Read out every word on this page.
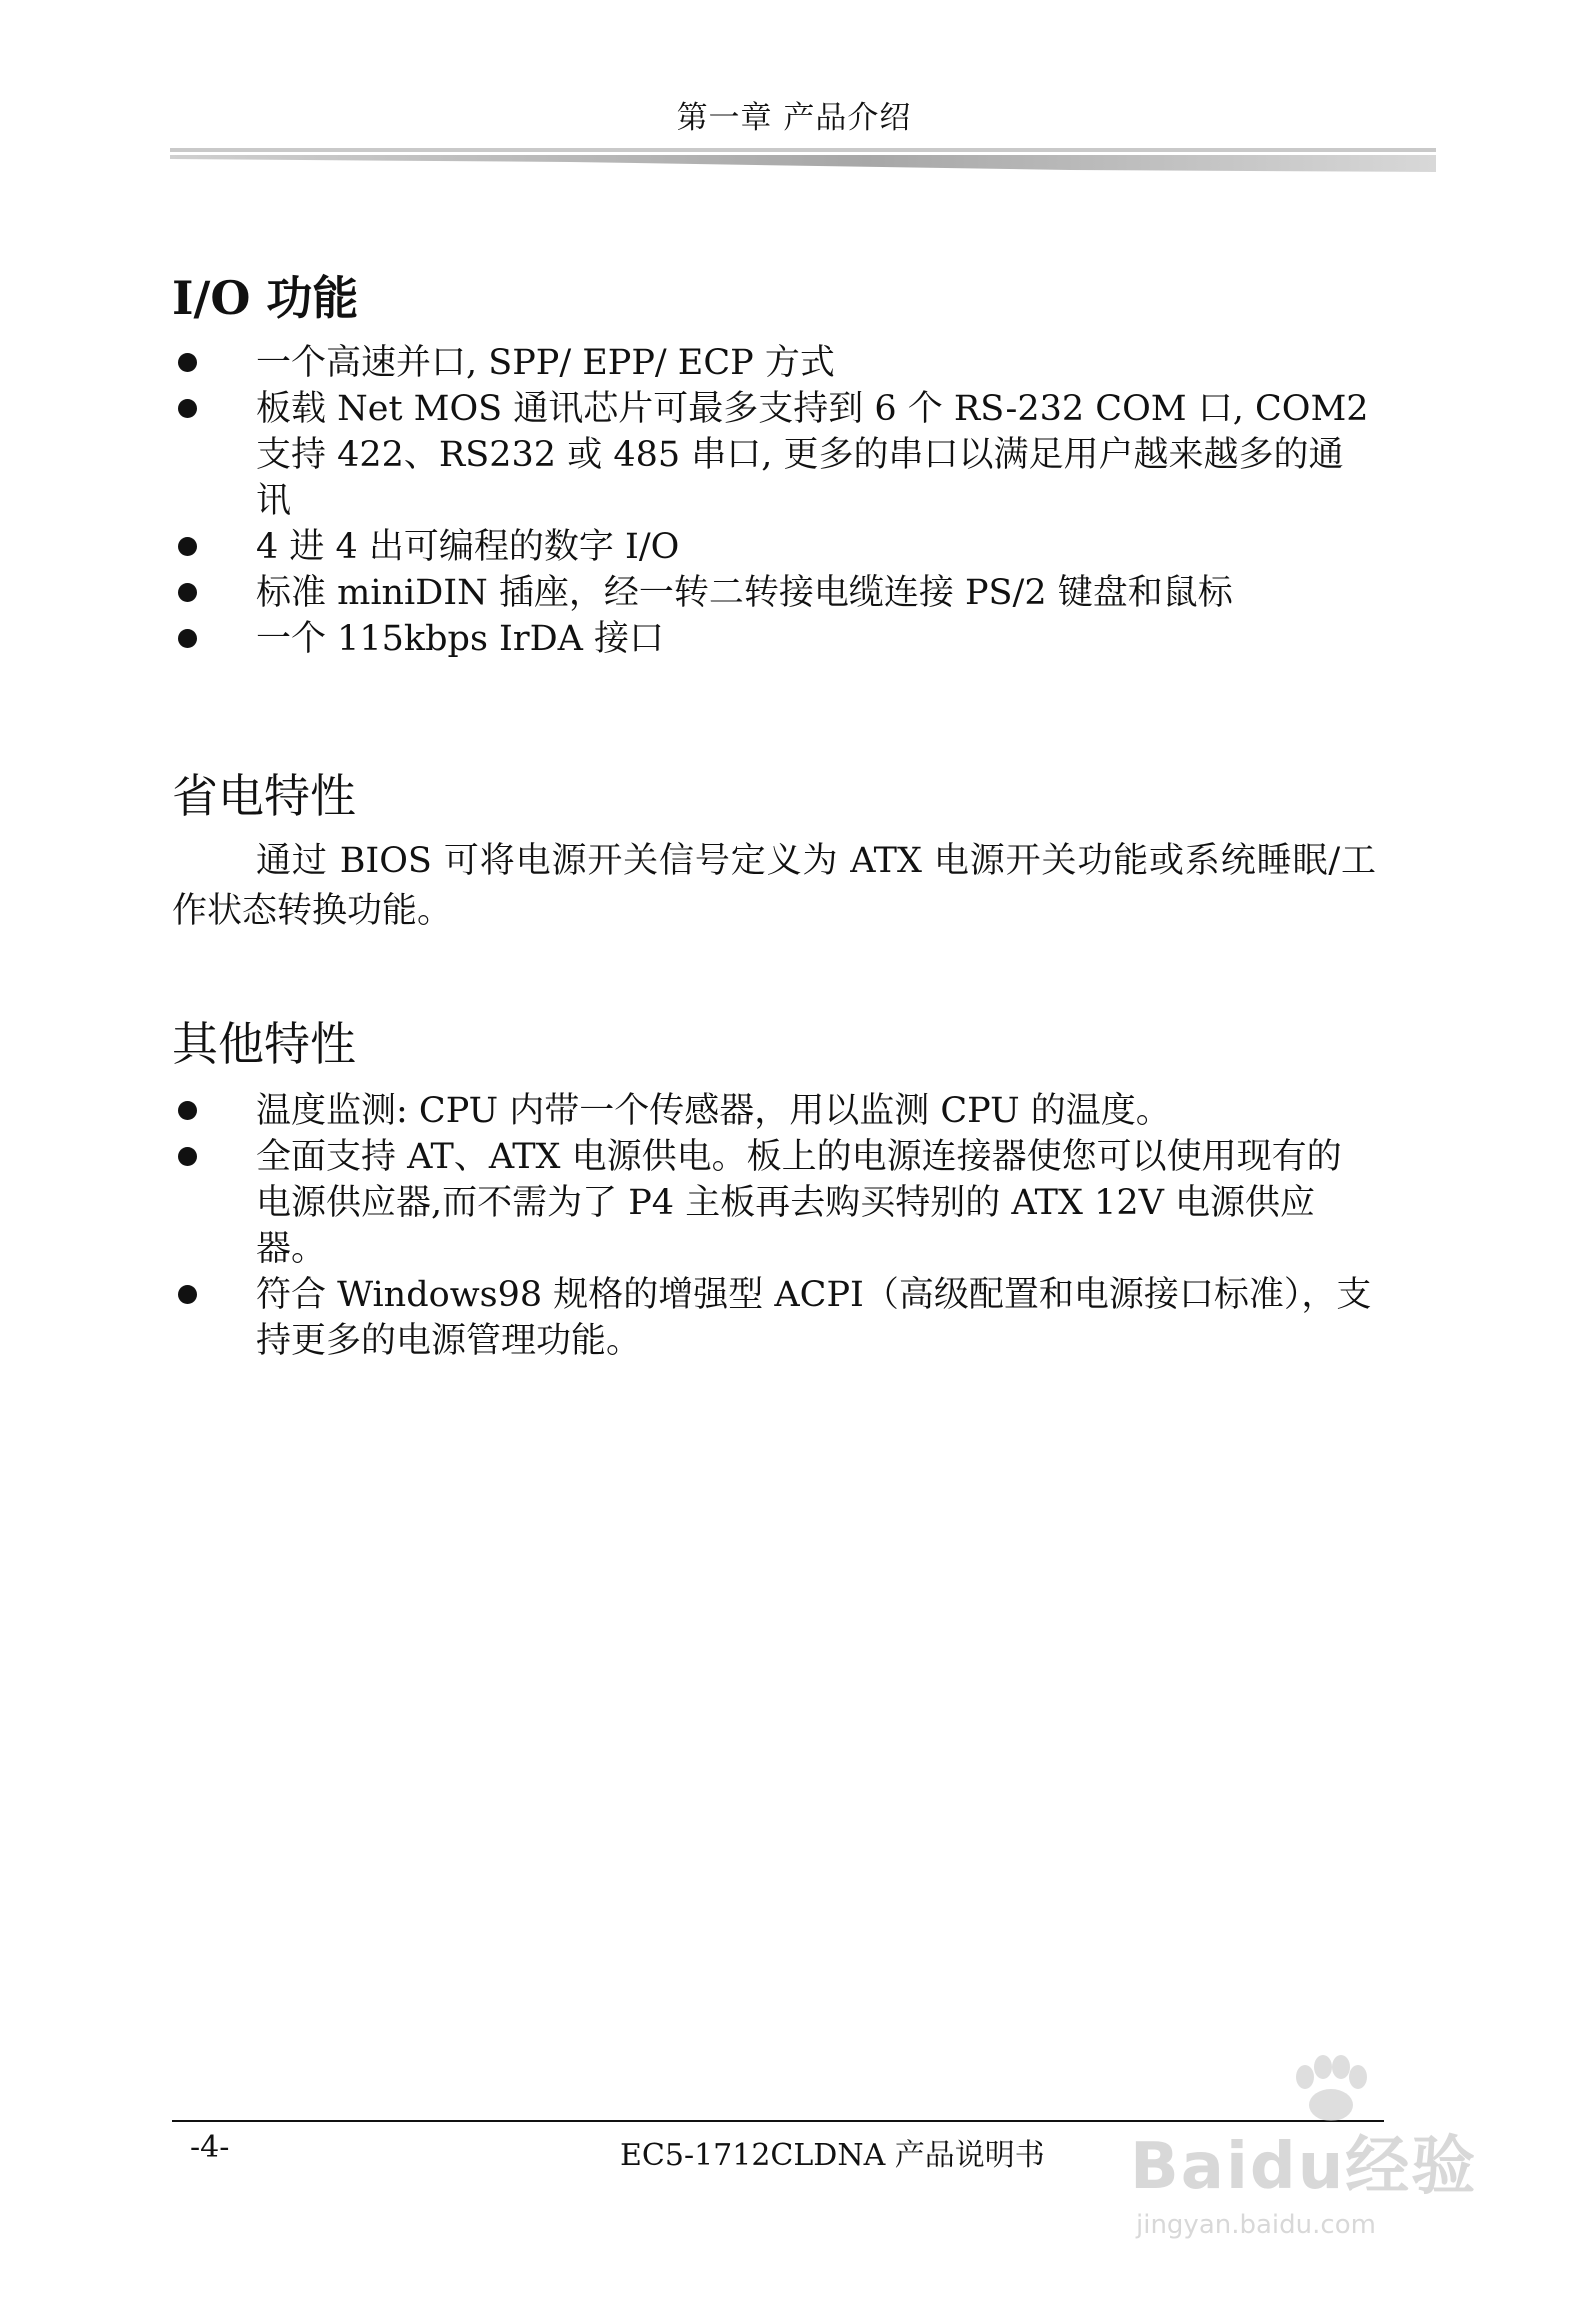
第一章 产品介绍
I/O 功能
一个高速并口, SPP/ EPP/ ECP 方式
板载 Net MOS 通讯芯片可最多支持到 6 个 RS-232 COM 口, COM2 支持 422、RS232 或 485 串口, 更多的串口以满足用户越来越多的通讯
4 进 4 出可编程的数字 I/O
标准 miniDIN 插座，经一转二转接电缆连接 PS/2 键盘和鼠标
一个 115kbps IrDA 接口
省电特性

通过 BIOS 可将电源开关信号定义为 ATX 电源开关功能或系统睡眠/工作状态转换功能。

其他特性
温度监测: CPU 内带一个传感器，用以监测 CPU 的温度。
全面支持 AT、ATX 电源供电。板上的电源连接器使您可以使用现有的电源供应器,而不需为了 P4 主板再去购买特别的 ATX 12V 电源供应器。
符合 Windows98 规格的增强型 ACPI（高级配置和电源接口标准），支持更多的电源管理功能。
-4-	EC5-1712CLDNA 产品说明书 Baidu经验
jingyan.baidu.com
